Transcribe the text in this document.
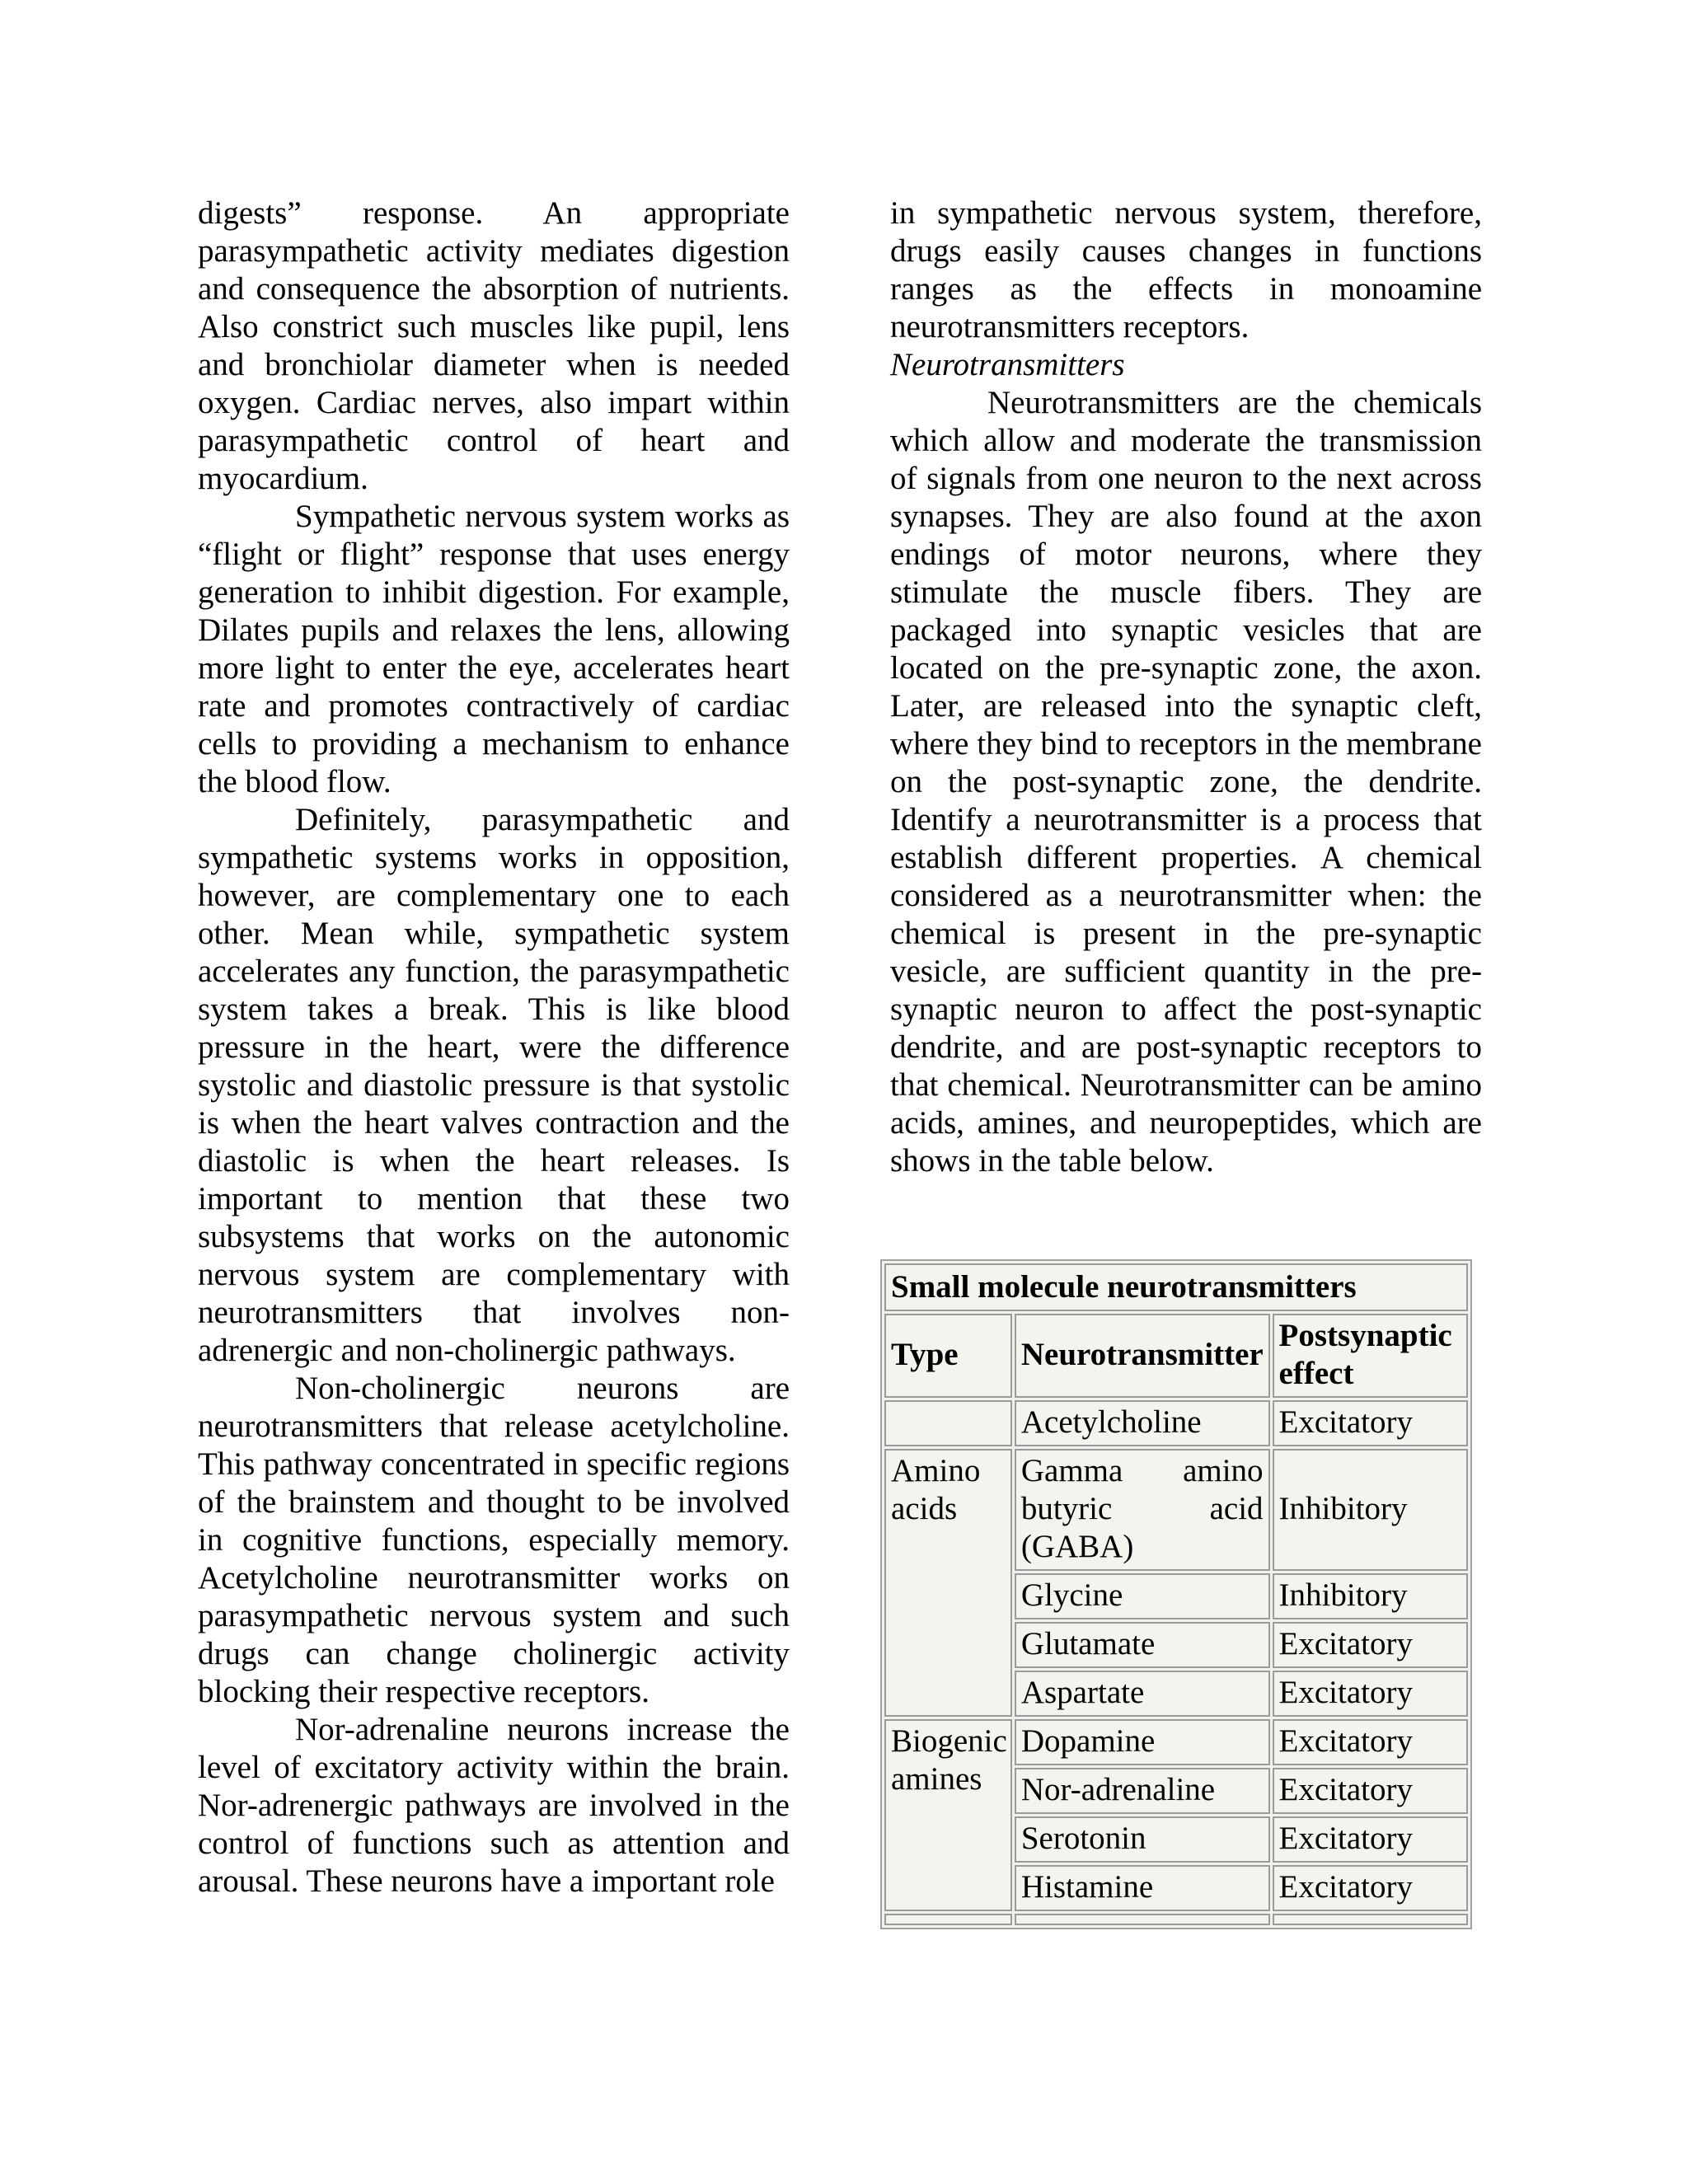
digests” response. An appropriate parasympathetic activity mediates digestion and consequence the absorption of nutrients. Also constrict such muscles like pupil, lens and bronchiolar diameter when is needed oxygen. Cardiac nerves, also impart within parasympathetic control of heart and myocardium.

Sympathetic nervous system works as “flight or flight” response that uses energy generation to inhibit digestion. For example, Dilates pupils and relaxes the lens, allowing more light to enter the eye, accelerates heart rate and promotes contractively of cardiac cells to providing a mechanism to enhance the blood flow.

Definitely, parasympathetic and sympathetic systems works in opposition, however, are complementary one to each other. Mean while, sympathetic system accelerates any function, the parasympathetic system takes a break. This is like blood pressure in the heart, were the difference systolic and diastolic pressure is that systolic is when the heart valves contraction and the diastolic is when the heart releases. Is important to mention that these two subsystems that works on the autonomic nervous system are complementary with neurotransmitters that involves non-adrenergic and non-cholinergic pathways.

Non-cholinergic neurons are neurotransmitters that release acetylcholine. This pathway concentrated in specific regions of the brainstem and thought to be involved in cognitive functions, especially memory. Acetylcholine neurotransmitter works on parasympathetic nervous system and such drugs can change cholinergic activity blocking their respective receptors.

Nor-adrenaline neurons increase the level of excitatory activity within the brain. Nor-adrenergic pathways are involved in the control of functions such as attention and arousal. These neurons have a important role

in sympathetic nervous system, therefore, drugs easily causes changes in functions ranges as the effects in monoamine neurotransmitters receptors.

Neurotransmitters

Neurotransmitters are the chemicals which allow and moderate the transmission of signals from one neuron to the next across synapses. They are also found at the axon endings of motor neurons, where they stimulate the muscle fibers. They are packaged into synaptic vesicles that are located on the pre-synaptic zone, the axon. Later, are released into the synaptic cleft, where they bind to receptors in the membrane on the post-synaptic zone, the dendrite. Identify a neurotransmitter is a process that establish different properties. A chemical considered as a neurotransmitter when: the chemical is present in the pre-synaptic vesicle, are sufficient quantity in the pre-synaptic neuron to affect the post-synaptic dendrite, and are post-synaptic receptors to that chemical. Neurotransmitter can be amino acids, amines, and neuropeptides, which are shows in the table below.

Small molecule neurotransmitters		
Type	Neurotransmitter	Postsynaptic effect
	Acetylcholine	Excitatory
Amino acids	Gamma amino butyric acid (GABA)	Inhibitory
	Glycine	Inhibitory
	Glutamate	Excitatory
	Aspartate	Excitatory
Biogenic amines	Dopamine	Excitatory
	Nor-adrenaline	Excitatory
	Serotonin	Excitatory
	Histamine	Excitatory
